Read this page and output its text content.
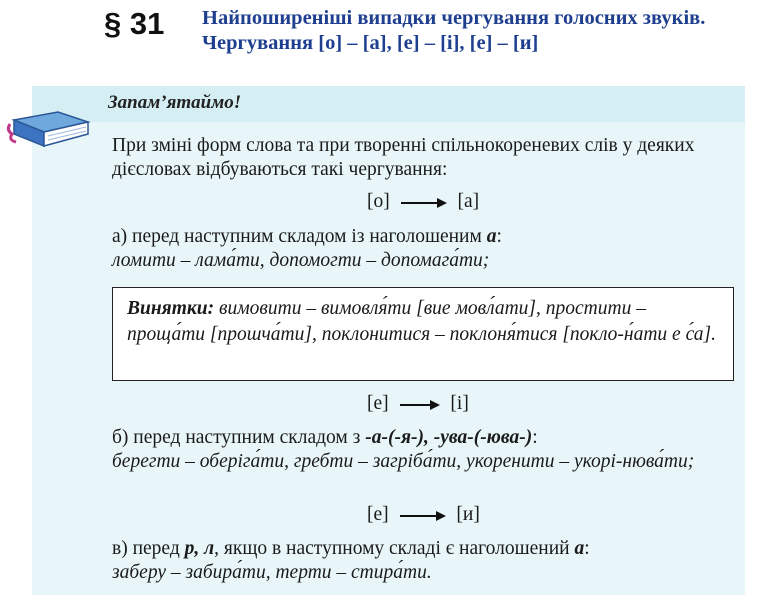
§ 31 Найпоширеніші випадки чергування голосних звуків. Чергування [о] – [а], [е] – [і], [е] – [и]
Запам’ятаймо!
При зміні форм слова та при творенні спільнокореневих слів у деяких дієсловах відбуваються такі чергування:
[о]	[а]
а) перед наступним складом із наголошеним а:
ломити – лама́ти, допомогти – допомага́ти;
Винятки: вимовити – вимовля́ти [вие мовл́ати], простити – проща́ти [прошча́ти], поклонитися – поклоня́тися [покло-н́ати е с́а].
[е]	[і]
б) перед наступним складом з -а-(-я-), -ува-(-юва-):
берегти – оберіга́ти, гребти – загріба́ти, укоренити – укорі-нюва́ти;
[е]	[и]
в) перед р, л, якщо в наступному складі є наголошений а:
заберу – забира́ти, терти – стира́ти.
